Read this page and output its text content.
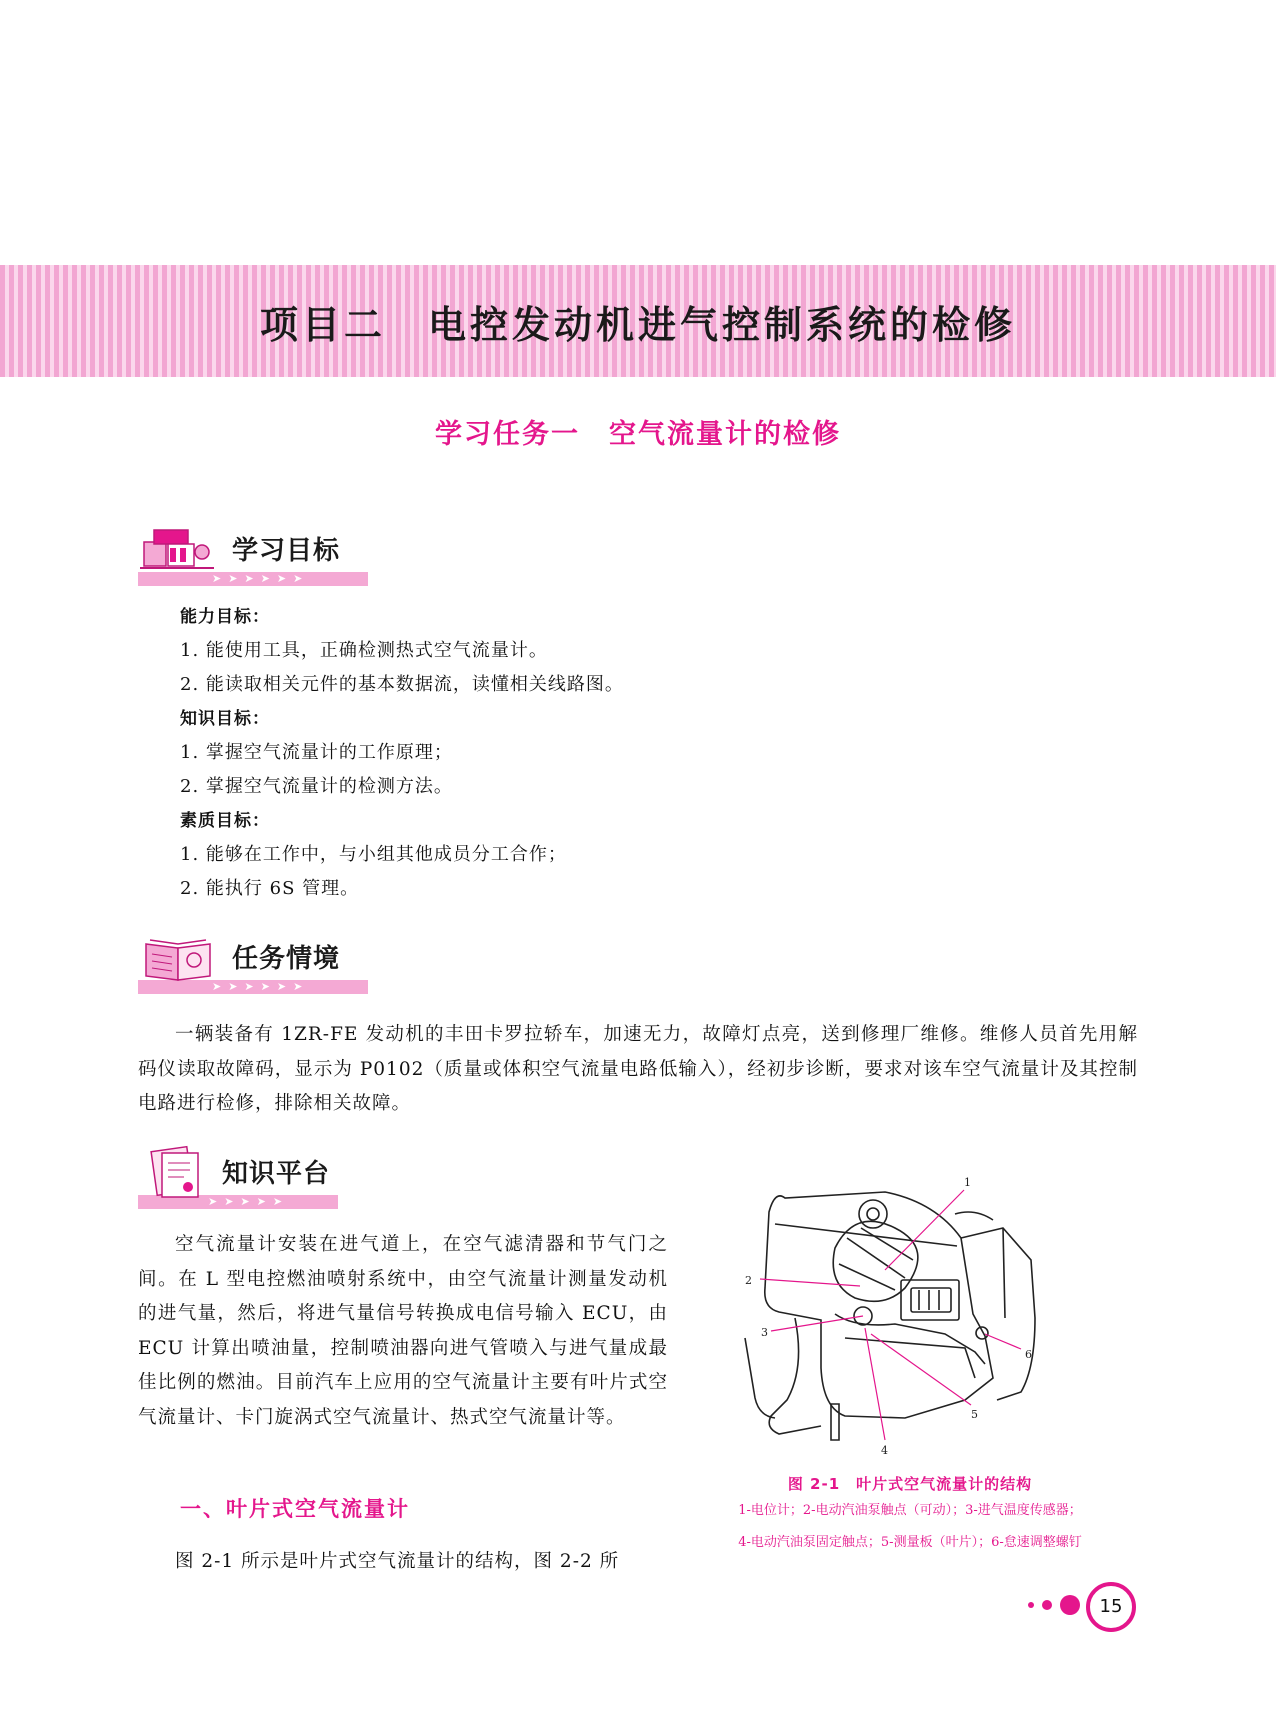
项目二　电控发动机进气控制系统的检修
学习任务一　空气流量计的检修
➤➤➤➤➤➤
学习目标
能力目标：
1. 能使用工具，正确检测热式空气流量计。
2. 能读取相关元件的基本数据流，读懂相关线路图。
知识目标：
1. 掌握空气流量计的工作原理；
2. 掌握空气流量计的检测方法。
素质目标：
1. 能够在工作中，与小组其他成员分工合作；
2. 能执行 6S 管理。
➤➤➤➤➤➤
任务情境

一辆装备有 1ZR-FE 发动机的丰田卡罗拉轿车，加速无力，故障灯点亮，送到修理厂维修。维修人员首先用解码仪读取故障码，显示为 P0102（质量或体积空气流量电路低输入），经初步诊断，要求对该车空气流量计及其控制电路进行检修，排除相关故障。

➤➤➤➤➤
知识平台

空气流量计安装在进气道上，在空气滤清器和节气门之间。在 L 型电控燃油喷射系统中，由空气流量计测量发动机的进气量，然后，将进气量信号转换成电信号输入 ECU，由 ECU 计算出喷油量，控制喷油器向进气管喷入与进气量成最佳比例的燃油。目前汽车上应用的空气流量计主要有叶片式空气流量计、卡门旋涡式空气流量计、热式空气流量计等。

一、叶片式空气流量计

图 2-1 所示是叶片式空气流量计的结构，图 2-2 所

1
2
3
4
5
6
图 2-1　叶片式空气流量计的结构
1-电位计；2-电动汽油泵触点（可动）；3-进气温度传感器；
4-电动汽油泵固定触点；5-测量板（叶片）；6-怠速调整螺钉
15
